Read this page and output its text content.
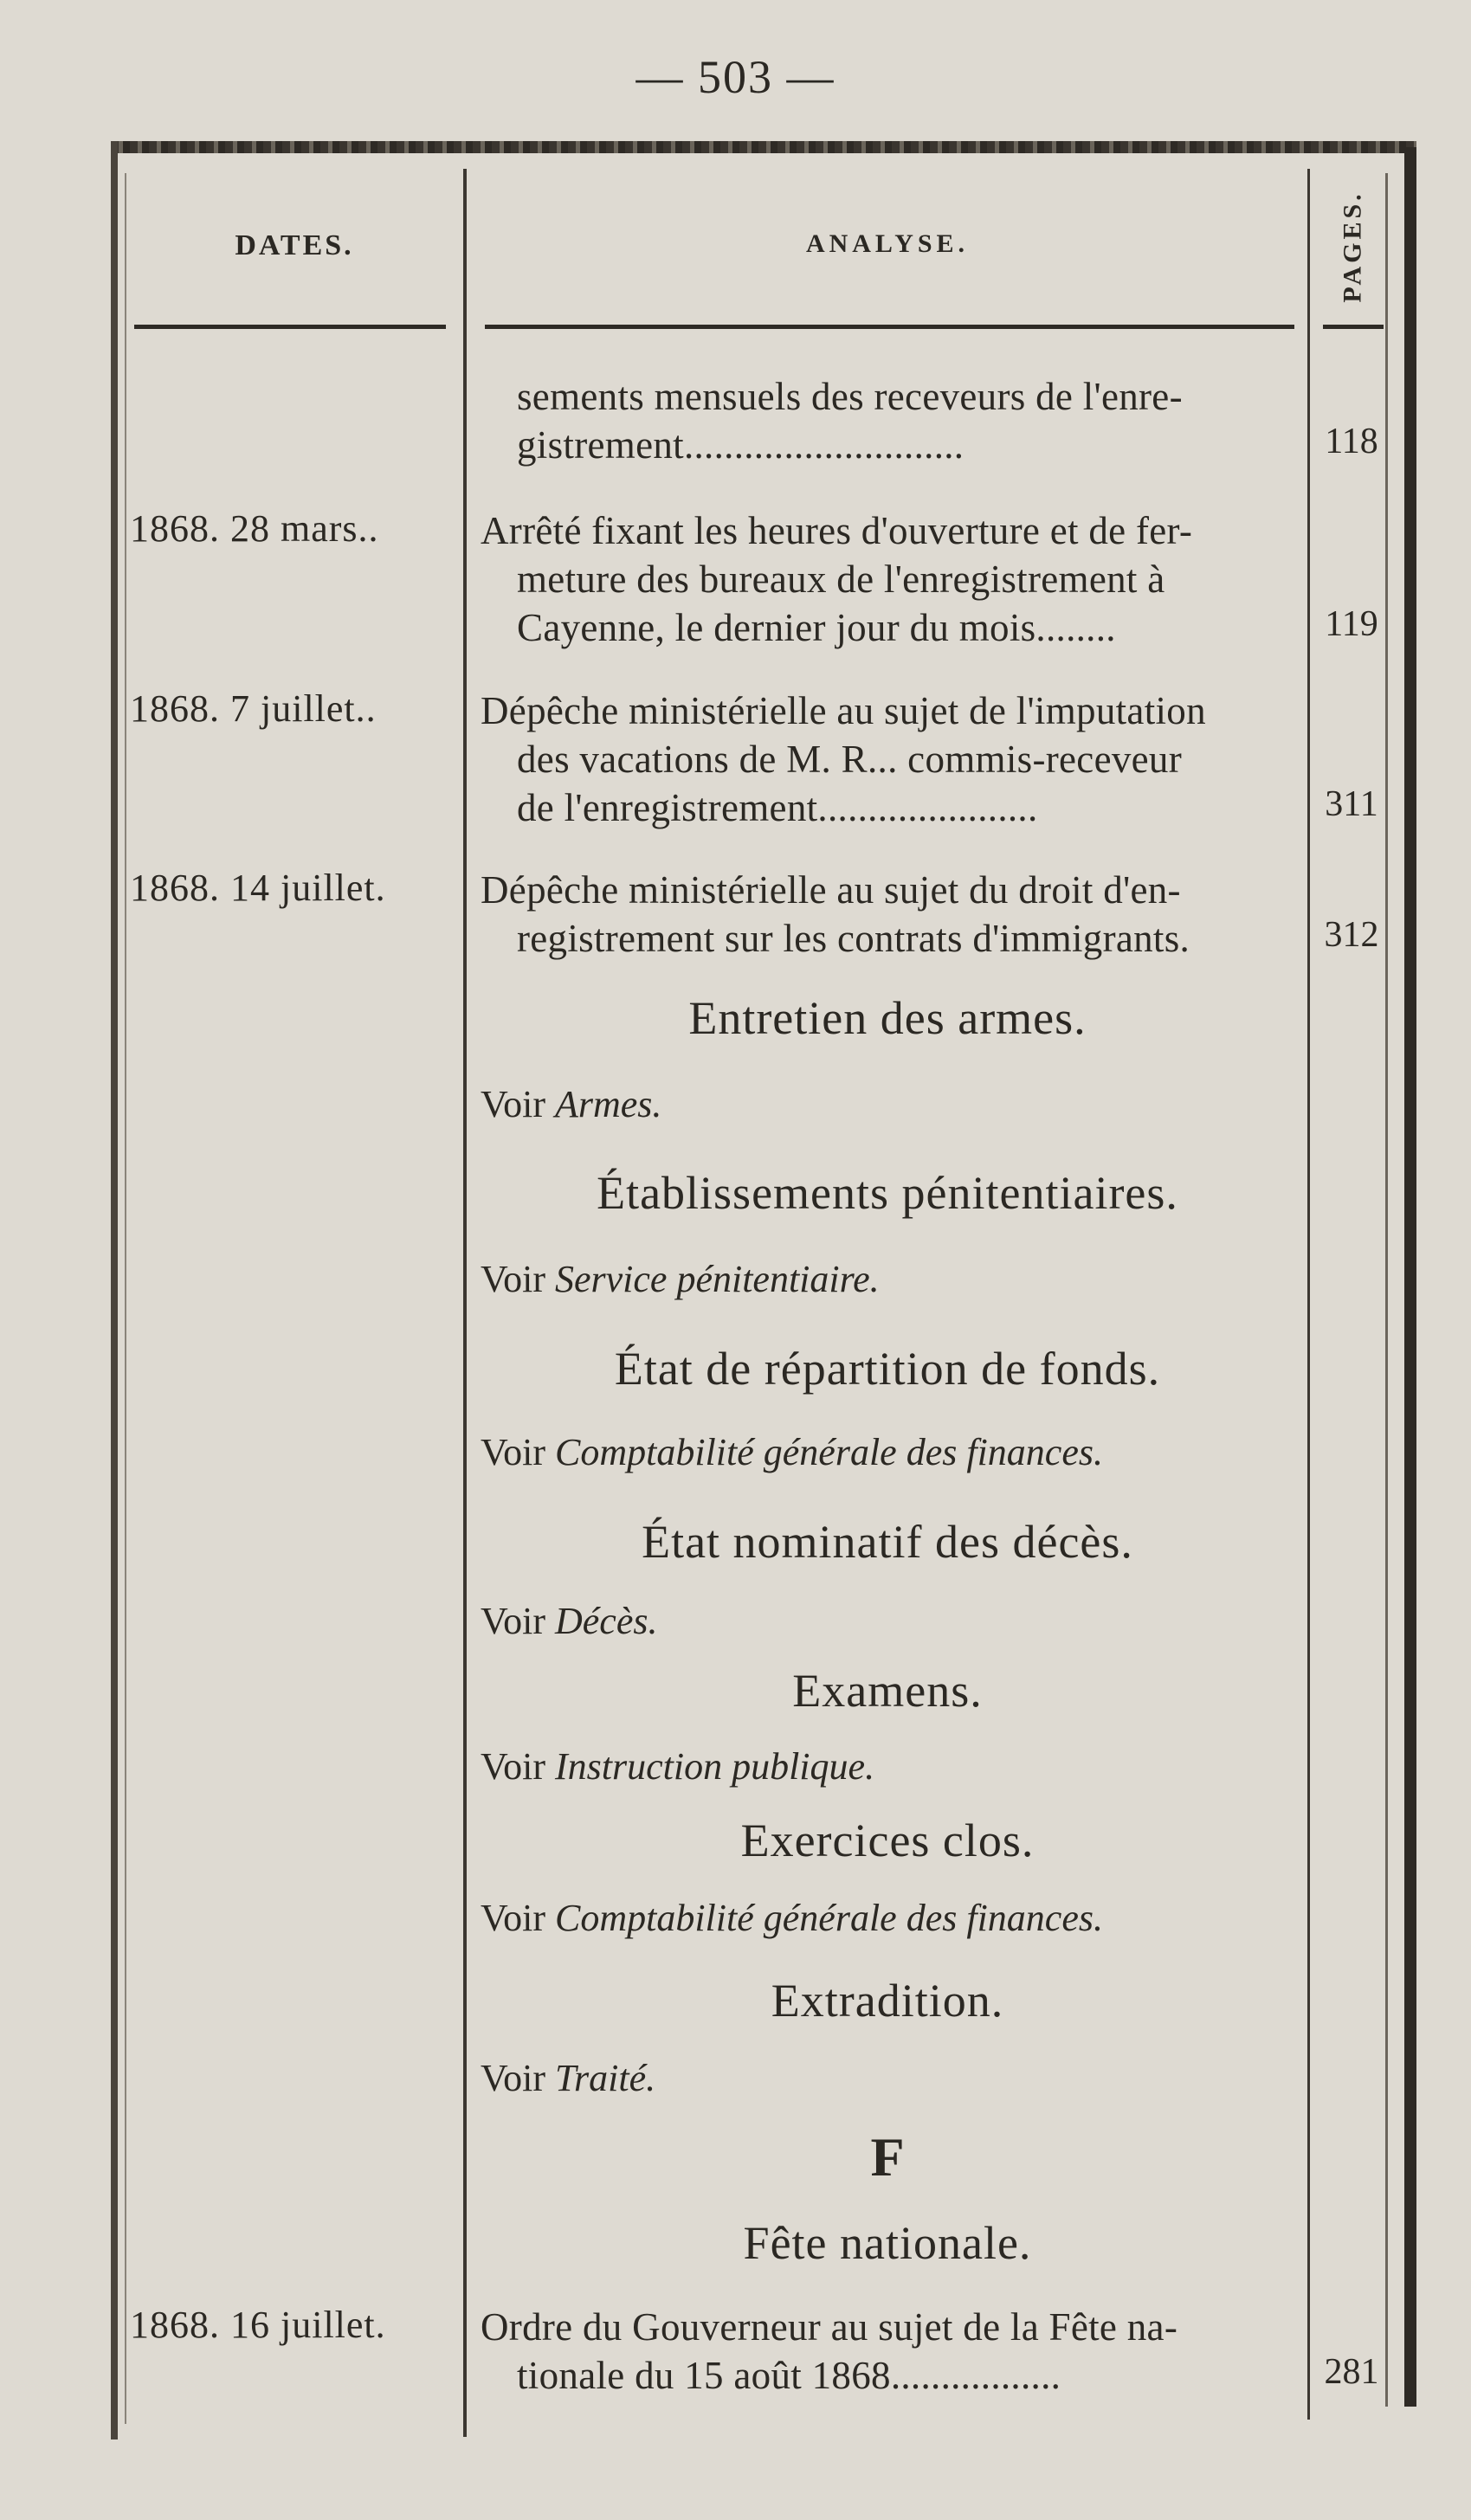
— 503 —
DATES.	ANALYSE.	PAGES.
sements mensuels des receveurs de l'enre-
gistrement............................	118
1868. 28 mars..	Arrêté fixant les heures d'ouverture et de fer-
meture des bureaux de l'enregistrement à
Cayenne, le dernier jour du mois........	119
1868. 7 juillet..	Dépêche ministérielle au sujet de l'imputation
des vacations de M. R... commis-receveur
de l'enregistrement......................	311
1868. 14 juillet.	Dépêche ministérielle au sujet du droit d'en-
registrement sur les contrats d'immigrants.	312
Entretien des armes.
Voir Armes.
Établissements pénitentiaires.
Voir Service pénitentiaire.
État de répartition de fonds.
Voir Comptabilité générale des finances.
État nominatif des décès.
Voir Décès.
Examens.
Voir Instruction publique.
Exercices clos.
Voir Comptabilité générale des finances.
Extradition.
Voir Traité.
F
Fête nationale.
1868. 16 juillet.	Ordre du Gouverneur au sujet de la Fête na-
tionale du 15 août 1868.................	281
